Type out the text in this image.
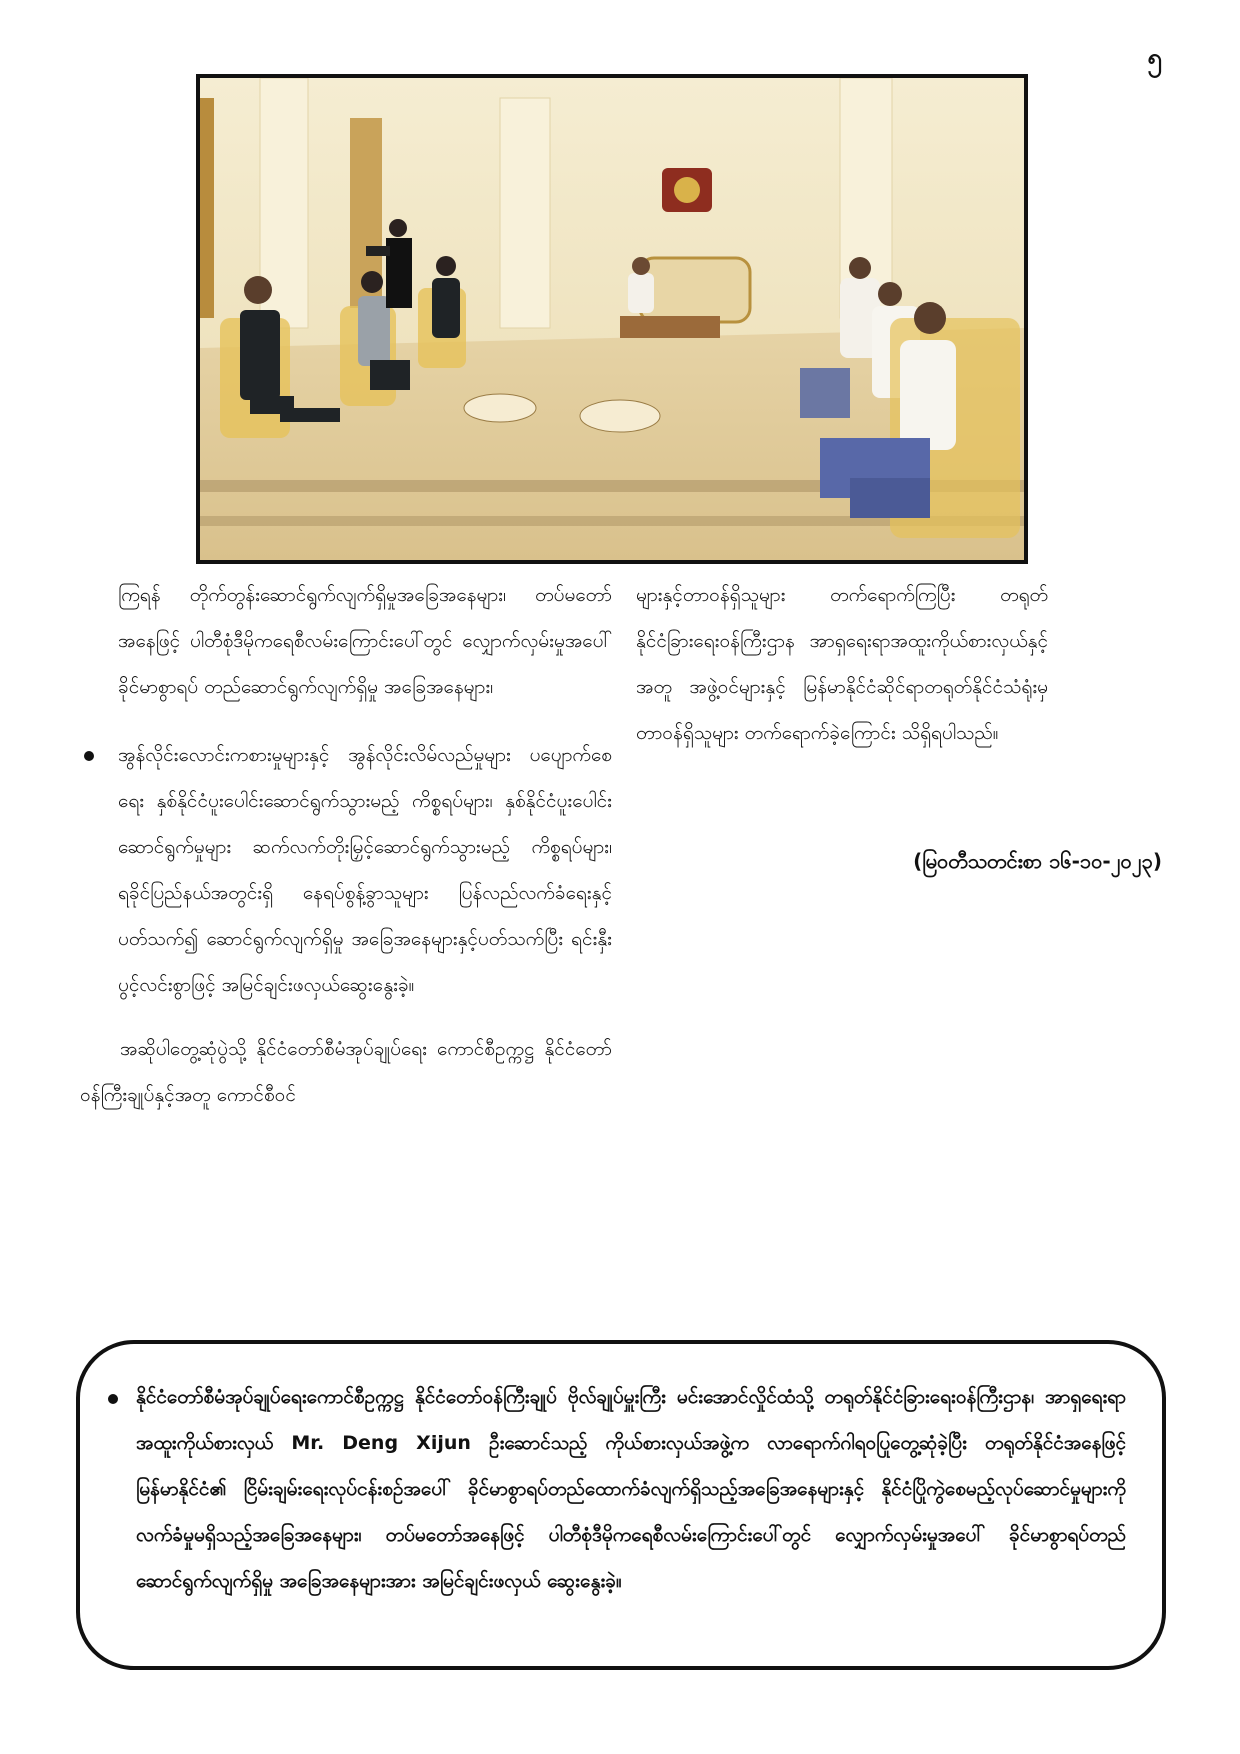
၅

ကြရန် တိုက်တွန်းဆောင်ရွက်လျက်ရှိမှုအခြေအနေများ၊ တပ်မတော်အနေဖြင့် ပါတီစုံဒီမိုကရေစီလမ်းကြောင်းပေါ်တွင် လျှောက်လှမ်းမှုအပေါ် ခိုင်မာစွာရပ် တည်ဆောင်ရွက်လျက်ရှိမှု အခြေအနေများ၊

အွန်လိုင်းလောင်းကစားမှုများနှင့် အွန်လိုင်းလိမ်လည်မှုများ ပပျောက်စေရေး နှစ်နိုင်ငံပူးပေါင်းဆောင်ရွက်သွားမည့် ကိစ္စရပ်များ၊ နှစ်နိုင်ငံပူးပေါင်းဆောင်ရွက်မှုများ ဆက်လက်တိုးမြှင့်ဆောင်ရွက်သွားမည့် ကိစ္စရပ်များ၊ ရခိုင်ပြည်နယ်အတွင်းရှိ နေရပ်စွန့်ခွာသူများ ပြန်လည်လက်ခံရေးနှင့်ပတ်သက်၍ ဆောင်ရွက်လျက်ရှိမှု အခြေအနေများနှင့်ပတ်သက်ပြီး ရင်းနှီးပွင့်လင်းစွာဖြင့် အမြင်ချင်းဖလှယ်ဆွေးနွေးခဲ့။

အဆိုပါတွေ့ဆုံပွဲသို့ နိုင်ငံတော်စီမံအုပ်ချုပ်ရေး ကောင်စီဥက္ကဋ္ဌ နိုင်ငံတော်ဝန်ကြီးချုပ်နှင့်အတူ ကောင်စီဝင်

များနှင့်တာဝန်ရှိသူများ တက်ရောက်ကြပြီး တရုတ်နိုင်ငံခြားရေးဝန်ကြီးဌာန အာရှရေးရာအထူးကိုယ်စားလှယ်နှင့်အတူ အဖွဲ့ဝင်များနှင့် မြန်မာနိုင်ငံဆိုင်ရာတရုတ်နိုင်ငံသံရုံးမှ တာဝန်ရှိသူများ တက်ရောက်ခဲ့ကြောင်း သိရှိရပါသည်။

(မြဝတီသတင်းစာ ၁၆-၁၀-၂၀၂၃)
နိုင်ငံတော်စီမံအုပ်ချုပ်ရေးကောင်စီဥက္ကဋ္ဌ နိုင်ငံတော်ဝန်ကြီးချုပ် ဗိုလ်ချုပ်မှူးကြီး မင်းအောင်လှိုင်ထံသို့ တရုတ်နိုင်ငံခြားရေးဝန်ကြီးဌာန၊ အာရှရေးရာအထူးကိုယ်စားလှယ် Mr. Deng Xijun ဦးဆောင်သည့် ကိုယ်စားလှယ်အဖွဲ့က လာရောက်ဂါရဝပြုတွေ့ဆုံခဲ့ပြီး တရုတ်နိုင်ငံအနေဖြင့် မြန်မာနိုင်ငံ၏ ငြိမ်းချမ်းရေးလုပ်ငန်းစဉ်အပေါ် ခိုင်မာစွာရပ်တည်ထောက်ခံလျက်ရှိသည့်အခြေအနေများနှင့် နိုင်ငံပြိုကွဲစေမည့်လုပ်ဆောင်မှုများကို လက်ခံမှုမရှိသည့်အခြေအနေများ၊ တပ်မတော်အနေဖြင့် ပါတီစုံဒီမိုကရေစီလမ်းကြောင်းပေါ်တွင် လျှောက်လှမ်းမှုအပေါ် ခိုင်မာစွာရပ်တည်ဆောင်ရွက်လျက်ရှိမှု အခြေအနေများအား အမြင်ချင်းဖလှယ် ဆွေးနွေးခဲ့။
